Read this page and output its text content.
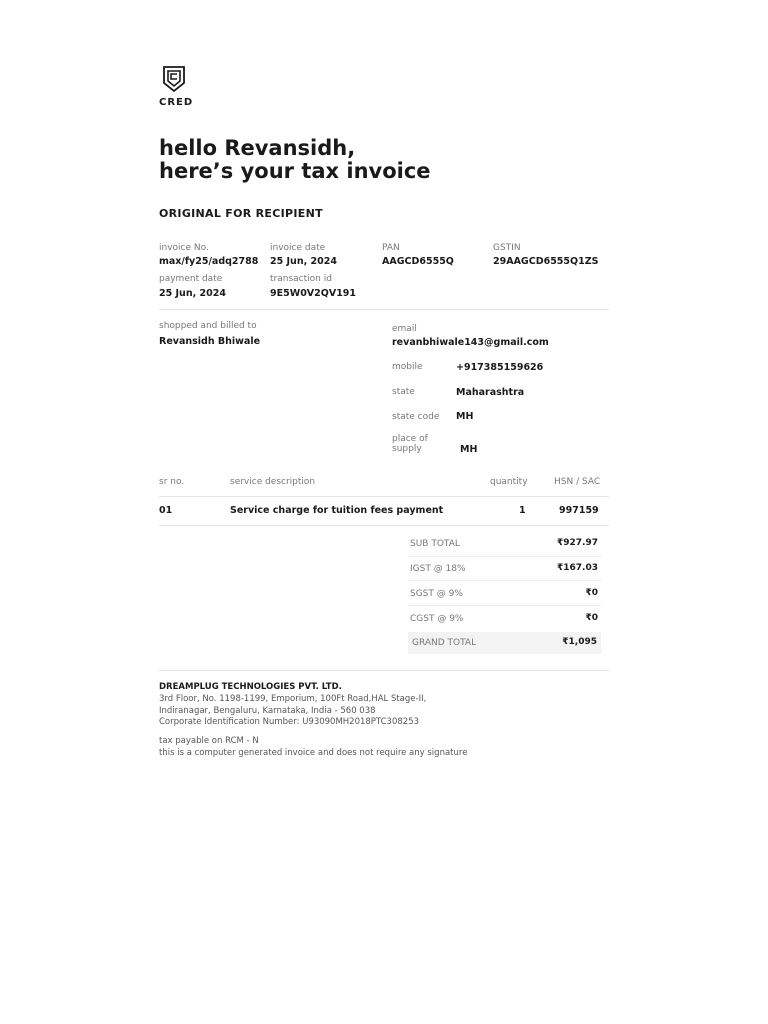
CRED
hello Revansidh,
here’s your tax invoice
ORIGINAL FOR RECIPIENT
invoice No.
max/fy25/adq2788
invoice date
25 Jun, 2024
PAN
AAGCD6555Q
GSTIN
29AAGCD6555Q1ZS
payment date
25 Jun, 2024
transaction id
9E5W0V2QV191
shopped and billed to
Revansidh Bhiwale
email
revanbhiwale143@gmail.com
mobile	+917385159626
state	Maharashtra
state code MH
place of
supply	MH
sr no.	service description	quantity	HSN / SAC
01	Service charge for tuition fees payment	1	997159
SUB TOTAL	₹927.97
IGST @ 18%	₹167.03
SGST @ 9%	₹0
CGST @ 9%	₹0
GRAND TOTAL	₹1,095
DREAMPLUG TECHNOLOGIES PVT. LTD.
3rd Floor, No. 1198-1199, Emporium, 100Ft Road,HAL Stage-II,
Indiranagar, Bengaluru, Karnataka, India - 560 038
Corporate Identification Number: U93090MH2018PTC308253
tax payable on RCM - N
this is a computer generated invoice and does not require any signature
